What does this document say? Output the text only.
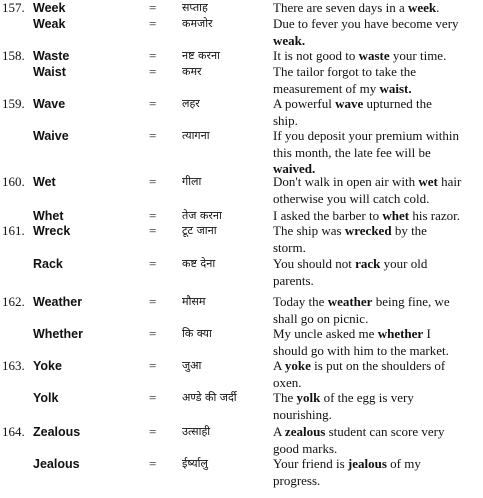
157. Week	= सप्ताह	There are seven days in a week.
Weak	= कमजोर	Due to fever you have become very
weak.
158. Waste	= नष्ट करना	It is not good to waste your time.
Waist	= कमर	The tailor forgot to take the
measurement of my waist.
159. Wave	= लहर	A powerful wave upturned the
ship.
Waive	= त्यागना	If you deposit your premium within
this month, the late fee will be
waived.
160. Wet	= गीला	Don't walk in open air with wet hair
otherwise you will catch cold.
Whet	= तेज करना	I asked the barber to whet his razor.
161. Wreck	= टूट जाना	The ship was wrecked by the
storm.
Rack	= कष्ट देना	You should not rack your old
parents.
162. Weather	= मौसम	Today the weather being fine, we
shall go on picnic.
Whether	= कि क्या	My uncle asked me whether I
should go with him to the market.
163. Yoke	= जुआ	A yoke is put on the shoulders of
oxen.
Yolk	= अण्डे की जर्दी	The yolk of the egg is very
nourishing.
164. Zealous	= उत्साही	A zealous student can score very
good marks.
Jealous	= ईर्ष्यालु	Your friend is jealous of my
progress.
